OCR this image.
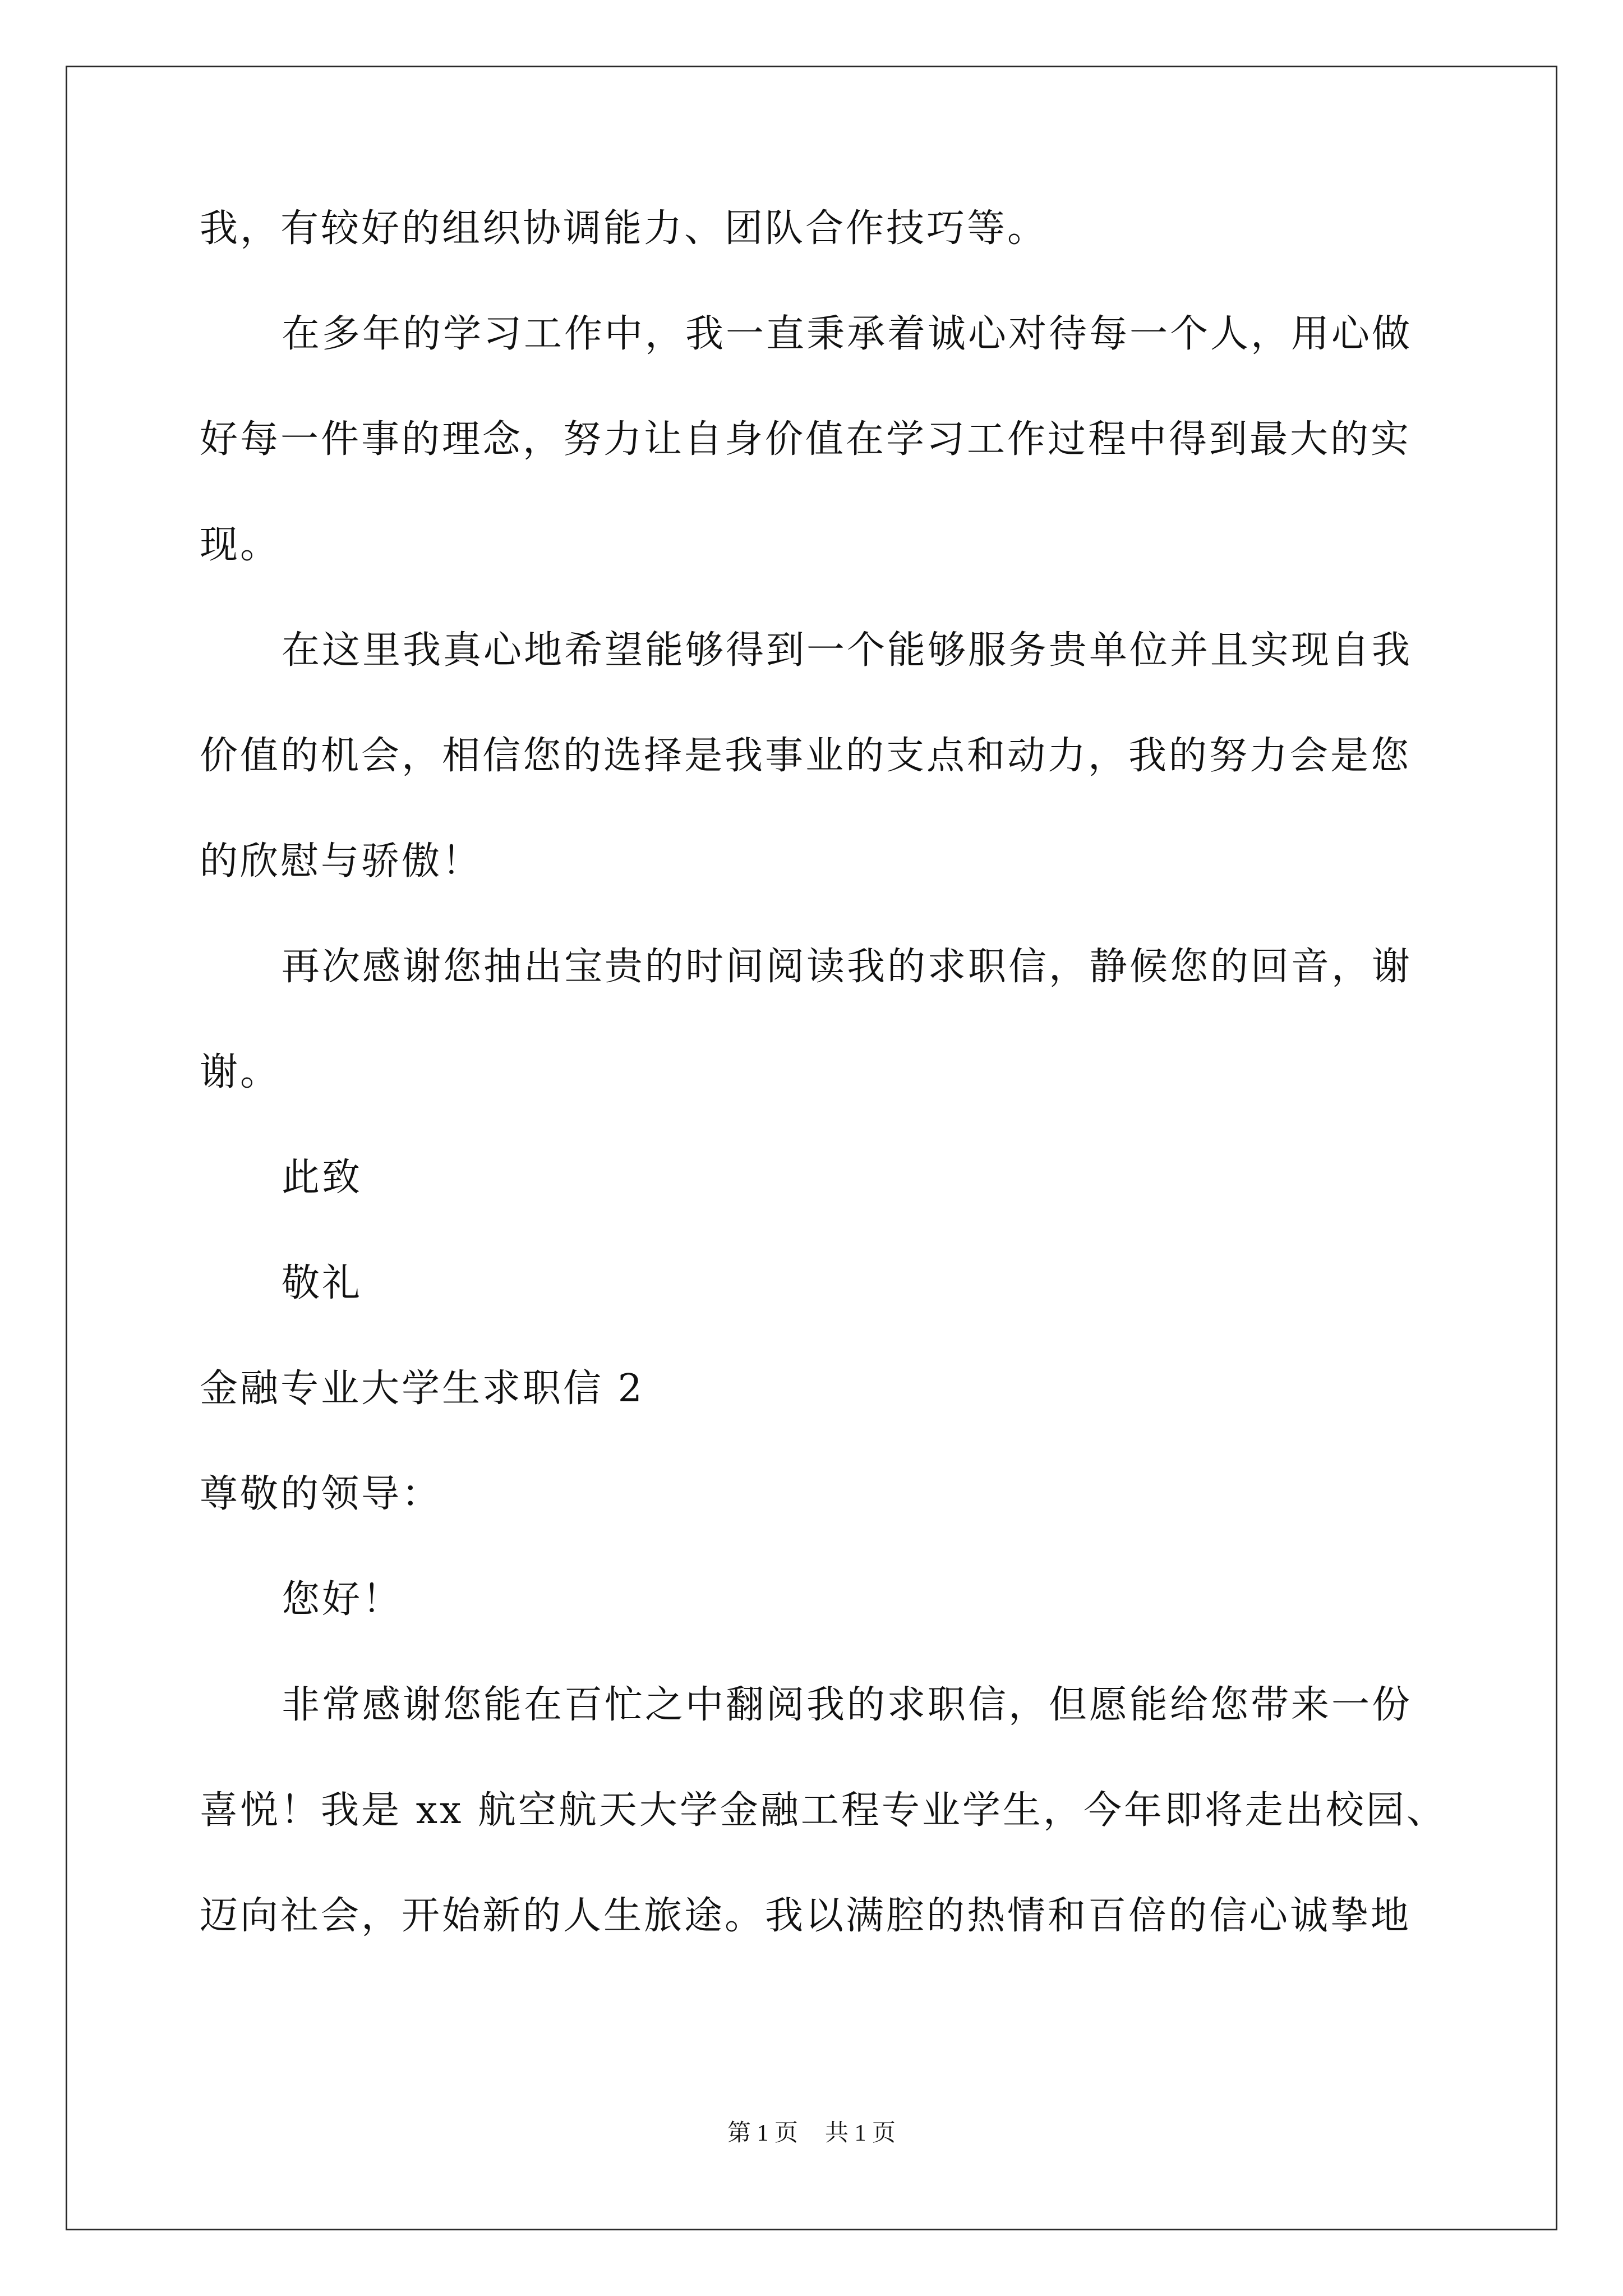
我，有较好的组织协调能力、团队合作技巧等。
在多年的学习工作中，我一直秉承着诚心对待每一个人，用心做
好每一件事的理念，努力让自身价值在学习工作过程中得到最大的实
现。
在这里我真心地希望能够得到一个能够服务贵单位并且实现自我
价值的机会，相信您的选择是我事业的支点和动力，我的努力会是您
的欣慰与骄傲！
再次感谢您抽出宝贵的时间阅读我的求职信，静候您的回音，谢
谢。
此致
敬礼
金融专业大学生求职信 2
尊敬的领导：
您好！
非常感谢您能在百忙之中翻阅我的求职信，但愿能给您带来一份
喜悦！我是 xx 航空航天大学金融工程专业学生，今年即将走出校园、
迈向社会，开始新的人生旅途。我以满腔的热情和百倍的信心诚挚地
第 1 页 共 1 页
